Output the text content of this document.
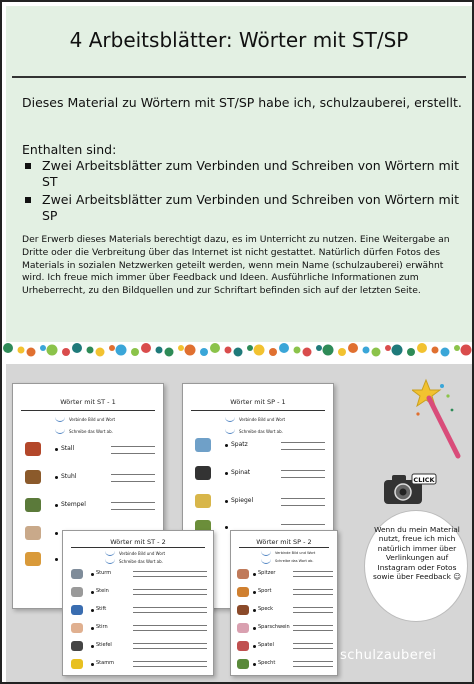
4 Arbeitsblätter: Wörter mit ST/SP
Dieses Material zu Wörtern mit ST/SP habe ich, schulzauberei, erstellt.
Enthalten sind:
Zwei Arbeitsblätter zum Verbinden und Schreiben von Wörtern mit ST
Zwei Arbeitsblätter zum Verbinden und Schreiben von Wörtern mit SP
Der Erwerb dieses Materials berechtigt dazu, es im Unterricht zu nutzen. Eine Weitergabe an Dritte oder die Verbreitung über das Internet ist nicht gestattet. Natürlich dürfen Fotos des Materials in sozialen Netzwerken geteilt werden, wenn mein Name (schulzauberei) erwähnt wird. Ich freue mich immer über Feedback und Ideen. Ausführliche Informationen zum Urheberrecht, zu den Bildquellen und zur Schriftart befinden sich auf der letzten Seite.
Wörter mit ST - 1
Verbinde Bild und Wort
Schreibe das Wort ab.
Stall
Stuhl
Stempel
Wörter mit SP - 1
Verbinde Bild und Wort
Schreibe das Wort ab.
Spatz
Spinat
Spiegel
Wörter mit ST - 2
Verbinde Bild und Wort
Schreibe das Wort ab.
Sturm
Stein
Stift
Stirn
Stiefel
Stamm
Wörter mit SP - 2
Verbinde Bild und Wort
Schreibe das Wort ab.
Spitzer
Sport
Speck
Sparschwein
Spatel
Specht
CLICK
Wenn du mein Material nutzt, freue ich mich natürlich immer über Verlinkungen auf Instagram oder Fotos sowie über Feedback ☺
schulzauberei
